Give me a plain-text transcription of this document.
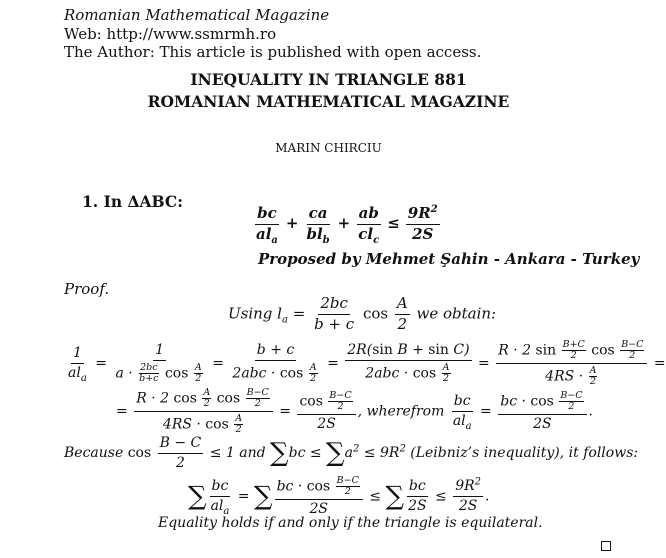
Romanian Mathematical Magazine
Web: http://www.ssmrmh.ro
The Author: This article is published with open access.
INEQUALITY IN TRIANGLE 881
ROMANIAN MATHEMATICAL MAGAZINE
MARIN CHIRCIU
1. In ΔABC:
$\frac{bc}{al_a} + \frac{ca}{bl_b} + \frac{ab}{cl_c} \le \frac{9R^2}{2S}$
Proposed by Mehmet Şahin - Ankara - Turkey
Proof.
Using $l_a = \frac{2bc}{b + c}$ $\cos \frac{A}{2}$ we obtain:
$\frac{1}{al_a} = \frac{1}{a \cdot \frac{2bc}{b+c} \cos \frac{A}{2}} = \frac{b + c}{2abc \cdot \cos \frac{A}{2}} = \frac{\text{2R(sin B + sin C)}}{2abc \cdot \cos \frac{A}{2}} = \frac{R \cdot 2 \sin \frac{B+C}{2} \cos \frac{B-C}{2}}{4RS \cdot \frac{A}{2}}$ =
= $\frac{R \cdot 2 \cos \frac{A}{2} \cos \frac{B-C}{2}}{4RS \cdot \cos \frac{A}{2}} = \frac{\cos \frac{B-C}{2}}{2S}$ , wherefrom $\frac{bc}{al_a} = \frac{bc \cdot \cos \frac{B-C}{2}}{2S}$ .
Because $\cos \frac{B - C}{2} \le 1$ and $\sum bc \le \sum a^2 \le 9R^2$ (Leibniz’s inequality), it follows:
∑ $\frac{bc}{al_a}$ = ∑ $\frac{bc \cdot \cos \frac{B-C}{2}}{2S}$ ≤ ∑ $\frac{bc}{2S} \le \frac{9R^2}{2S}$ .
Equality holds if and only if the triangle is equilateral.
